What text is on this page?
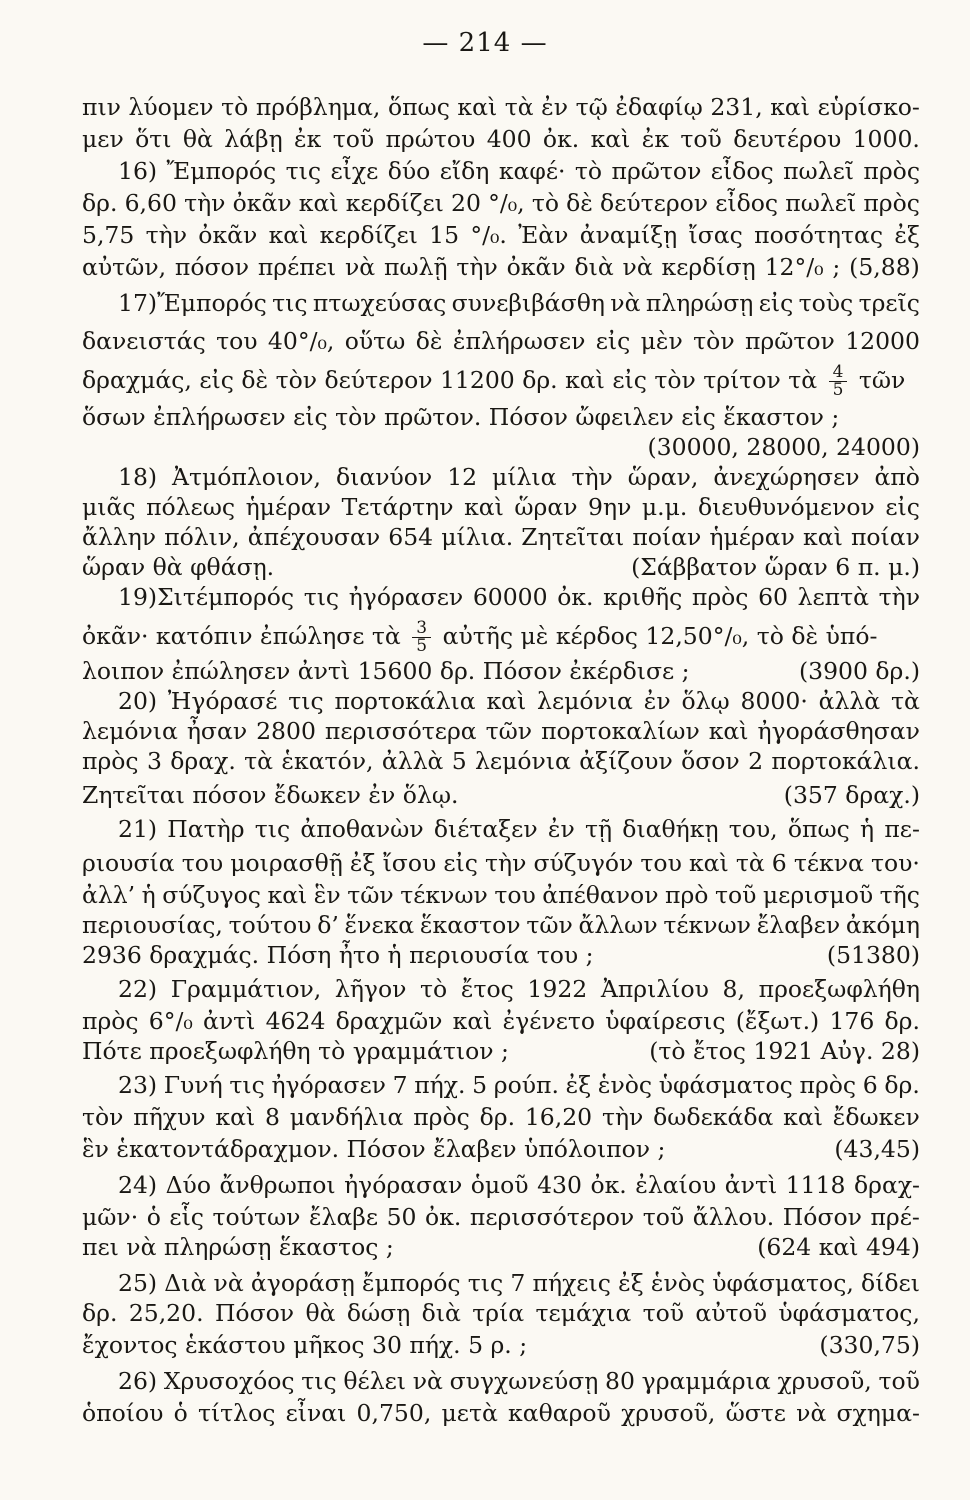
— 214 —
πιν λύομεν τὸ πρόβλημα, ὅπως καὶ τὰ ἐν τῷ ἐδαφίῳ 231, καὶ εὑρίσκο-
μεν ὅτι θὰ λάβῃ ἐκ τοῦ πρώτου 400 ὀκ. καὶ ἐκ τοῦ δευτέρου 1000.
16) Ἔμπορός τις εἶχε δύο εἴδη καφέ· τὸ πρῶτον εἶδος πωλεῖ πρὸς
δρ. 6,60 τὴν ὀκᾶν καὶ κερδίζει 20 °/₀, τὸ δὲ δεύτερον εἶδος πωλεῖ πρὸς
5,75 τὴν ὀκᾶν καὶ κερδίζει 15 °/₀. Ἐὰν ἀναμίξῃ ἴσας ποσότητας ἐξ
αὐτῶν, πόσον πρέπει νὰ πωλῇ τὴν ὀκᾶν διὰ νὰ κερδίσῃ 12°/₀ ; (5,88)
17)Ἔμπορός τις πτωχεύσας συνεβιβάσθη νὰ πληρώσῃ εἰς τοὺς τρεῖς
δανειστάς του 40°/₀, οὕτω δὲ ἐπλήρωσεν εἰς μὲν τὸν πρῶτον 12000
δραχμάς, εἰς δὲ τὸν δεύτερον 11200 δρ. καὶ εἰς τὸν τρίτον τὰ $\frac{4}{5}$ τῶν
ὅσων ἐπλήρωσεν εἰς τὸν πρῶτον. Πόσον ὤφειλεν εἰς ἕκαστον ;
(30000, 28000, 24000)
18) Ἀτμόπλοιον, διανύον 12 μίλια τὴν ὥραν, ἀνεχώρησεν ἀπὸ
μιᾶς πόλεως ἡμέραν Τετάρτην καὶ ὥραν 9ην μ.μ. διευθυνόμενον εἰς
ἄλλην πόλιν, ἀπέχουσαν 654 μίλια. Ζητεῖται ποίαν ἡμέραν καὶ ποίαν
ὥραν θὰ φθάσῃ.	(Σάββατον ὥραν 6 π. μ.)
19)Σιτέμπορός τις ἠγόρασεν 60000 ὀκ. κριθῆς πρὸς 60 λεπτὰ τὴν
ὀκᾶν· κατόπιν ἐπώλησε τὰ $\frac{3}{5}$ αὐτῆς μὲ κέρδος 12,50°/₀, τὸ δὲ ὑπό-
λοιπον ἐπώλησεν ἀντὶ 15600 δρ. Πόσον ἐκέρδισε ;	(3900 δρ.)
20) Ἠγόρασέ τις πορτοκάλια καὶ λεμόνια ἐν ὅλῳ 8000· ἀλλὰ τὰ
λεμόνια ἦσαν 2800 περισσότερα τῶν πορτοκαλίων καὶ ἠγοράσθησαν
πρὸς 3 δραχ. τὰ ἑκατόν, ἀλλὰ 5 λεμόνια ἀξίζουν ὅσον 2 πορτοκάλια.
Ζητεῖται πόσον ἔδωκεν ἐν ὅλῳ.	(357 δραχ.)
21) Πατὴρ τις ἀποθανὼν διέταξεν ἐν τῇ διαθήκῃ του, ὅπως ἡ πε-
ριουσία του μοιρασθῇ ἐξ ἴσου εἰς τὴν σύζυγόν του καὶ τὰ 6 τέκνα του·
ἀλλ’ ἡ σύζυγος καὶ ἓν τῶν τέκνων του ἀπέθανον πρὸ τοῦ μερισμοῦ τῆς
περιουσίας, τούτου δ’ ἕνεκα ἕκαστον τῶν ἄλλων τέκνων ἔλαβεν ἀκόμη
2936 δραχμάς. Πόση ἦτο ἡ περιουσία του ;	(51380)
22) Γραμμάτιον, λῆγον τὸ ἔτος 1922 Ἀπριλίου 8, προεξωφλήθη
πρὸς 6°/₀ ἀντὶ 4624 δραχμῶν καὶ ἐγένετο ὑφαίρεσις (ἔξωτ.) 176 δρ.
Πότε προεξωφλήθη τὸ γραμμάτιον ;	(τὸ ἔτος 1921 Αὐγ. 28)
23) Γυνή τις ἠγόρασεν 7 πήχ. 5 ρούπ. ἐξ ἑνὸς ὑφάσματος πρὸς 6 δρ.
τὸν πῆχυν καὶ 8 μανδήλια πρὸς δρ. 16,20 τὴν δωδεκάδα καὶ ἔδωκεν
ἓν ἑκατοντάδραχμον. Πόσον ἔλαβεν ὑπόλοιπον ;	(43,45)
24) Δύο ἄνθρωποι ἠγόρασαν ὁμοῦ 430 ὀκ. ἐλαίου ἀντὶ 1118 δραχ-
μῶν· ὁ εἷς τούτων ἔλαβε 50 ὀκ. περισσότερον τοῦ ἄλλου. Πόσον πρέ-
πει νὰ πληρώσῃ ἕκαστος ;	(624 καὶ 494)
25) Διὰ νὰ ἀγοράσῃ ἔμπορός τις 7 πήχεις ἐξ ἑνὸς ὑφάσματος, δίδει
δρ. 25,20. Πόσον θὰ δώσῃ διὰ τρία τεμάχια τοῦ αὐτοῦ ὑφάσματος,
ἔχοντος ἑκάστου μῆκος 30 πήχ. 5 ρ. ;	(330,75)
26) Χρυσοχόος τις θέλει νὰ συγχωνεύσῃ 80 γραμμάρια χρυσοῦ, τοῦ
ὁποίου ὁ τίτλος εἶναι 0,750, μετὰ καθαροῦ χρυσοῦ, ὥστε νὰ σχημα-
